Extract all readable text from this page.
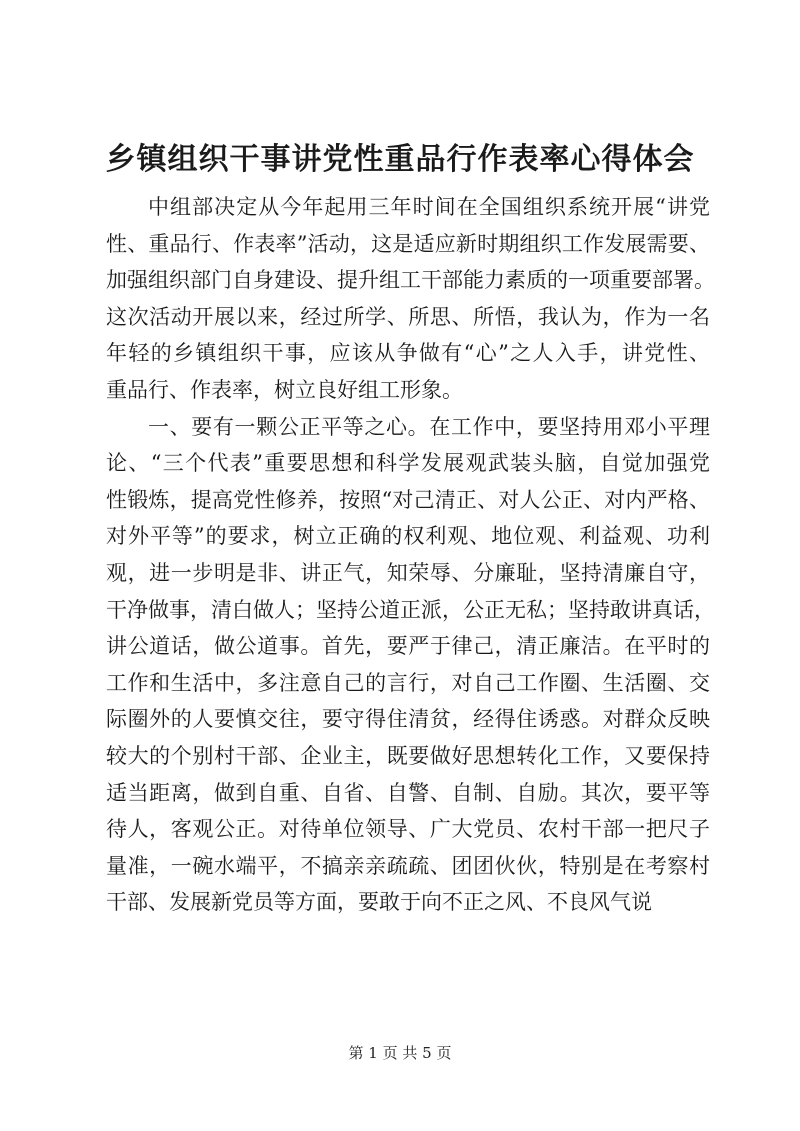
乡镇组织干事讲党性重品行作表率心得体会
中组部决定从今年起用三年时间在全国组织系统开展“讲党
性、重品行、作表率”活动，这是适应新时期组织工作发展需要、
加强组织部门自身建设、提升组工干部能力素质的一项重要部署。
这次活动开展以来，经过所学、所思、所悟，我认为，作为一名
年轻的乡镇组织干事，应该从争做有“心”之人入手，讲党性、
重品行、作表率，树立良好组工形象。
一、要有一颗公正平等之心。在工作中，要坚持用邓小平理
论、“三个代表”重要思想和科学发展观武装头脑，自觉加强党
性锻炼，提高党性修养，按照“对己清正、对人公正、对内严格、
对外平等”的要求，树立正确的权利观、地位观、利益观、功利
观，进一步明是非、讲正气，知荣辱、分廉耻，坚持清廉自守，
干净做事，清白做人；坚持公道正派，公正无私；坚持敢讲真话，
讲公道话，做公道事。首先，要严于律己，清正廉洁。在平时的
工作和生活中，多注意自己的言行，对自己工作圈、生活圈、交
际圈外的人要慎交往，要守得住清贫，经得住诱惑。对群众反映
较大的个别村干部、企业主，既要做好思想转化工作，又要保持
适当距离，做到自重、自省、自警、自制、自励。其次，要平等
待人，客观公正。对待单位领导、广大党员、农村干部一把尺子
量准，一碗水端平，不搞亲亲疏疏、团团伙伙，特别是在考察村
干部、发展新党员等方面，要敢于向不正之风、不良风气说
第 1 页 共 5 页
